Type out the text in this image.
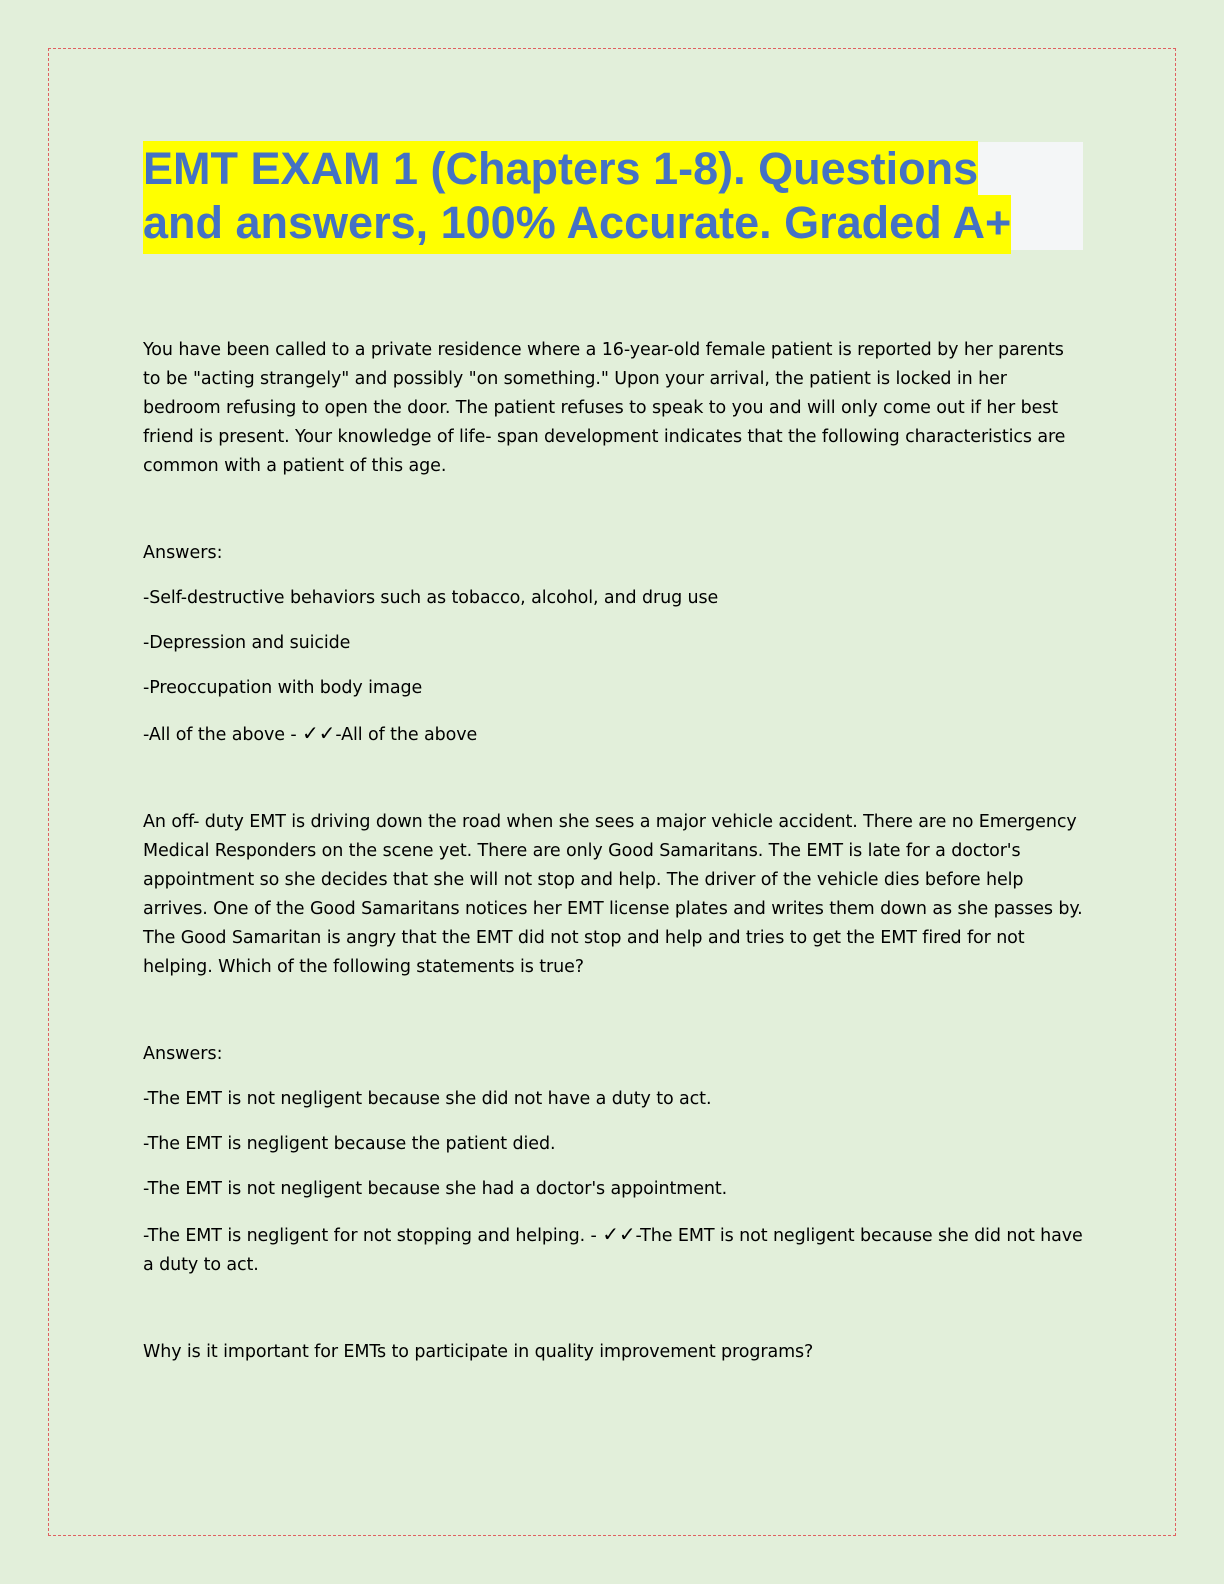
EMT EXAM 1 (Chapters 1-8). Questions
and answers, 100% Accurate. Graded A+

You have been called to a private residence where a 16-year-old female patient is reported by her parents to be "acting strangely" and possibly "on something." Upon your arrival, the patient is locked in her bedroom refusing to open the door. The patient refuses to speak to you and will only come out if her best friend is present. Your knowledge of life- span development indicates that the following characteristics are common with a patient of this age.

Answers:

-Self-destructive behaviors such as tobacco, alcohol, and drug use

-Depression and suicide

-Preoccupation with body image

-All of the above - ✓✓-All of the above

An off- duty EMT is driving down the road when she sees a major vehicle accident. There are no Emergency Medical Responders on the scene yet. There are only Good Samaritans. The EMT is late for a doctor's appointment so she decides that she will not stop and help. The driver of the vehicle dies before help arrives. One of the Good Samaritans notices her EMT license plates and writes them down as she passes by. The Good Samaritan is angry that the EMT did not stop and help and tries to get the EMT fired for not helping. Which of the following statements is true?

Answers:

-The EMT is not negligent because she did not have a duty to act.

-The EMT is negligent because the patient died.

-The EMT is not negligent because she had a doctor's appointment.

-The EMT is negligent for not stopping and helping. - ✓✓-The EMT is not negligent because she did not have a duty to act.

Why is it important for EMTs to participate in quality improvement programs?
